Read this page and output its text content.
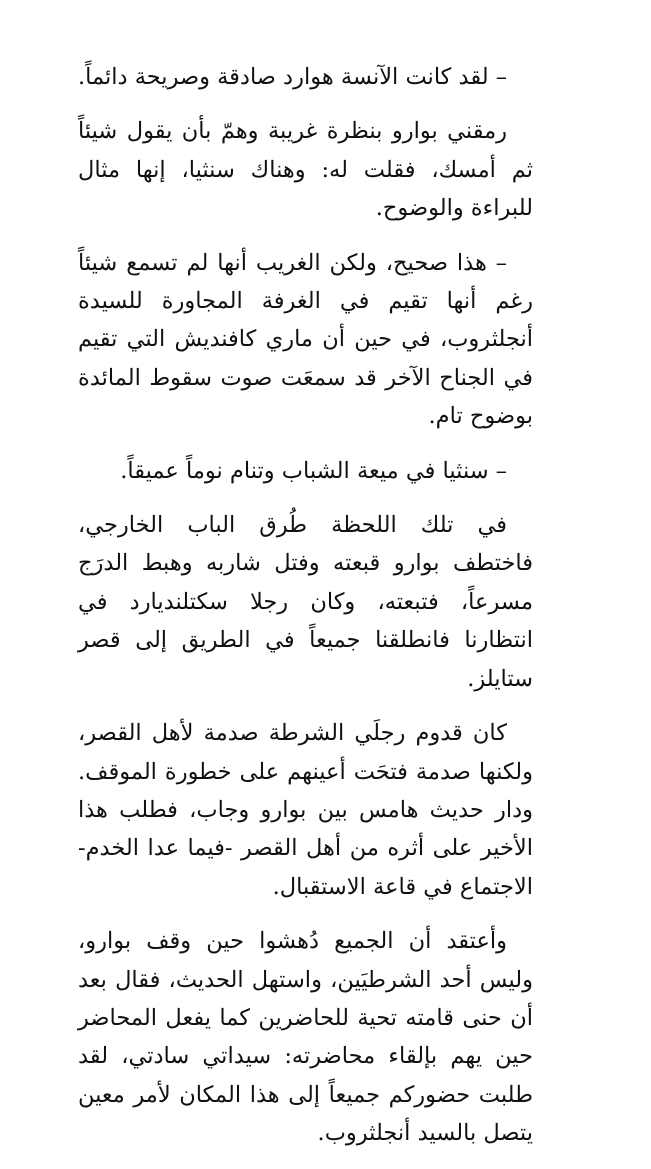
– لقد كانت الآنسة هوارد صادقة وصريحة دائماً.

رمقني بوارو بنظرة غريبة وهمّ بأن يقول شيئاً ثم أمسك، فقلت له: وهناك سنثيا، إنها مثال للبراءة والوضوح.

– هذا صحيح، ولكن الغريب أنها لم تسمع شيئاً رغم أنها تقيم في الغرفة المجاورة للسيدة أنجلثروب، في حين أن ماري كافنديش التي تقيم في الجناح الآخر قد سمعَت صوت سقوط المائدة بوضوح تام.

– سنثيا في ميعة الشباب وتنام نوماً عميقاً.

في تلك اللحظة طُرق الباب الخارجي، فاختطف بوارو قبعته وفتل شاربه وهبط الدرَج مسرعاً، فتبعته، وكان رجلا سكتلنديارد في انتظارنا فانطلقنا جميعاً في الطريق إلى قصر ستايلز.

كان قدوم رجلَي الشرطة صدمة لأهل القصر، ولكنها صدمة فتحَت أعينهم على خطورة الموقف. ودار حديث هامس بين بوارو وجاب، فطلب هذا الأخير على أثره من أهل القصر -فيما عدا الخدم- الاجتماع في قاعة الاستقبال.

وأعتقد أن الجميع دُهشوا حين وقف بوارو، وليس أحد الشرطيَين، واستهل الحديث، فقال بعد أن حنى قامته تحية للحاضرين كما يفعل المحاضر حين يهم بإلقاء محاضرته: سيداتي سادتي، لقد طلبت حضوركم جميعاً إلى هذا المكان لأمر معين يتصل بالسيد أنجلثروب.
